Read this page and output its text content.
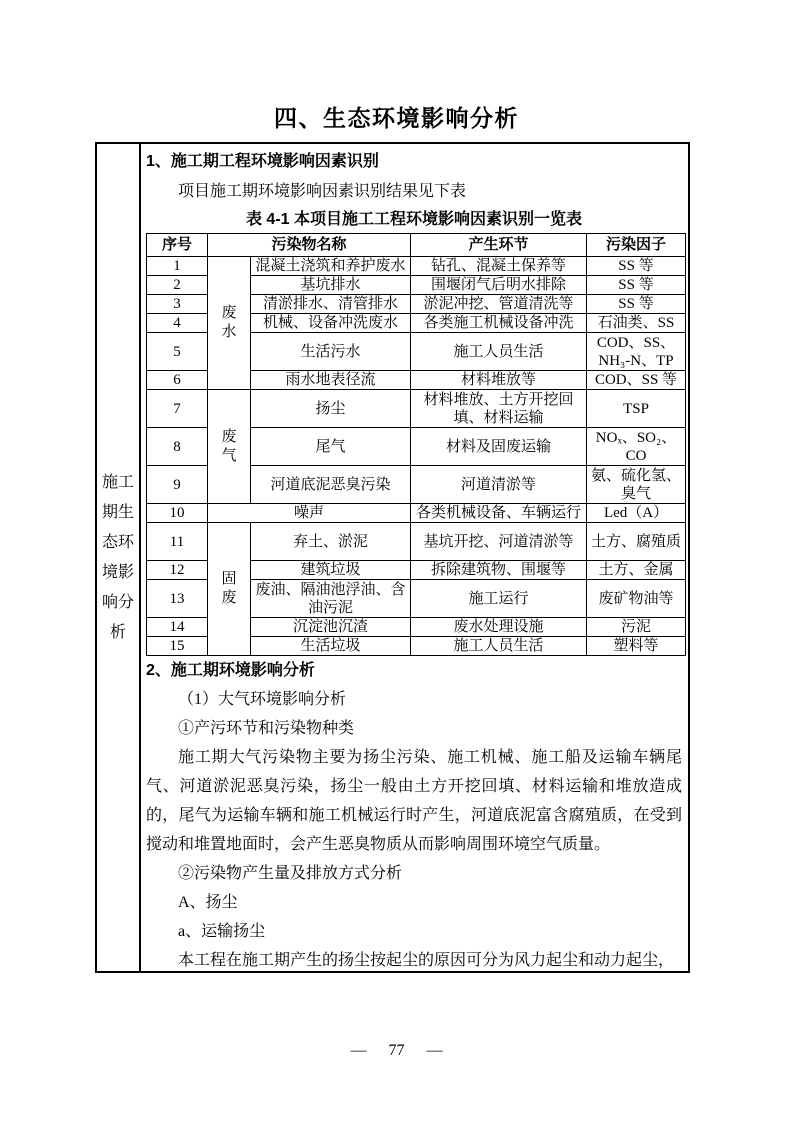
四、生态环境影响分析
施工期生态环境影响分析
1、施工期工程环境影响因素识别
项目施工期环境影响因素识别结果见下表
表 4-1 本项目施工工程环境影响因素识别一览表
序号	污染物名称		产生环节	污染因子
1	废水	混凝土浇筑和养护废水	钻孔、混凝土保养等	SS 等
2		基坑排水	围堰闭气后明水排除	SS 等
3		清淤排水、清管排水	淤泥冲挖、管道清洗等	SS 等
4		机械、设备冲洗废水	各类施工机械设备冲洗	石油类、SS
5		生活污水	施工人员生活	COD、SS、NH₃-N、TP
6		雨水地表径流	材料堆放等	COD、SS 等
7	废气	扬尘	材料堆放、土方开挖回填、材料运输	TSP
8		尾气	材料及固废运输	NOₓ、SO₂、CO
9		河道底泥恶臭污染	河道清淤等	氨、硫化氢、臭气
10	噪声		各类机械设备、车辆运行	Led（A）
11	固废	弃土、淤泥	基坑开挖、河道清淤等	土方、腐殖质
12		建筑垃圾	拆除建筑物、围堰等	土方、金属
13		废油、隔油池浮油、含油污泥	施工运行	废矿物油等
14		沉淀池沉渣	废水处理设施	污泥
15		生活垃圾	施工人员生活	塑料等
2、施工期环境影响分析
（1）大气环境影响分析
①产污环节和污染物种类

施工期大气污染物主要为扬尘污染、施工机械、施工船及运输车辆尾气、河道淤泥恶臭污染，扬尘一般由土方开挖回填、材料运输和堆放造成的，尾气为运输车辆和施工机械运行时产生，河道底泥富含腐殖质，在受到搅动和堆置地面时，会产生恶臭物质从而影响周围环境空气质量。

②污染物产生量及排放方式分析
A、扬尘
a、运输扬尘

本工程在施工期产生的扬尘按起尘的原因可分为风力起尘和动力起尘，

— 77 —
